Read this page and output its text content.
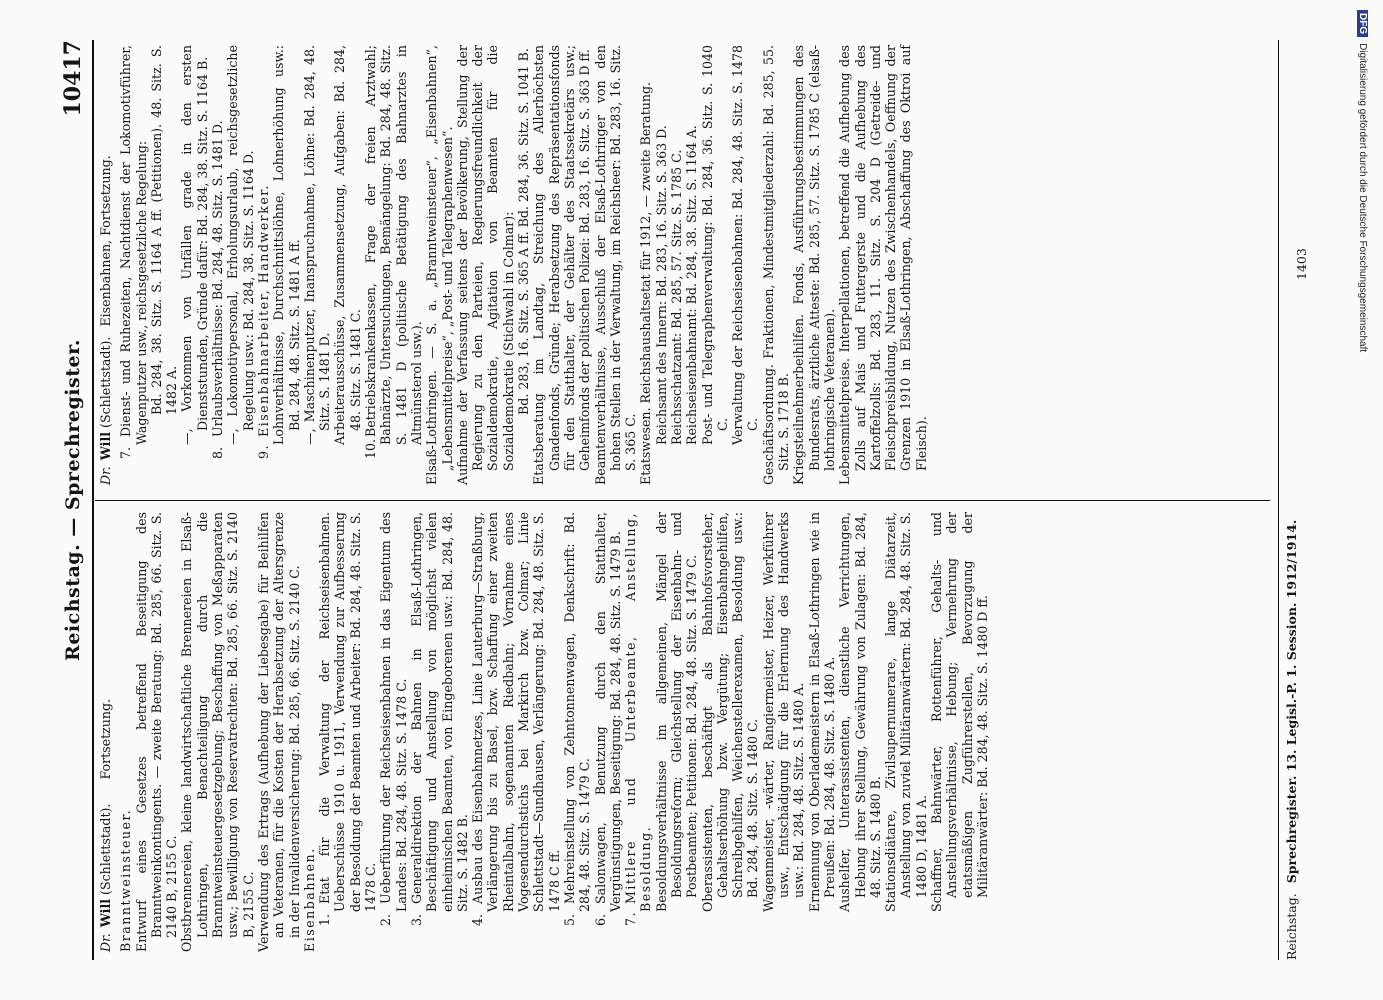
DFGDigitalisierung gefördert durch die Deutsche Forschungsgemeinschaft
Reichstag. — Sprechregister.
10417
Dr.Will (Schlettstadt). Fortsetzung.

Branntweinsteuer. Entwurf eines Gesetzes betreffend Beseitigung des Branntweinkontingents. — zweite Beratung: Bd. 285, 66. Sitz. S. 2140 B, 2155 C. Obstbrennereien, kleine landwirtschaftliche Brennereien in Elsaß-Lothringen, Benachteiligung durch die Branntweinsteuergesetzgebung; Beschaffung von Meßapparaten usw.; Bewilligung von Reservatrechten: Bd. 285, 66. Sitz. S. 2140 B, 2155 C. Verwendung des Ertrags (Aufhebung der Liebesgabe) für Beihilfen an Veteranen, für die Kosten der Herabsetzung der Altersgrenze in der Invalidenversicherung: Bd. 285, 66. Sitz. S. 2140 C. Eisenbahnen. 1.Etat für die Verwaltung der Reichseisenbahnen. Ueberschüsse 1910 u. 1911, Verwendung zur Aufbesserung der Besoldung der Beamten und Arbeiter: Bd. 284, 48. Sitz. S. 1478 C.

2.Ueberführung der Reichseisenbahnen in das Eigentum des Landes: Bd. 284, 48. Sitz. S. 1478 C.

3.Generaldirektion der Bahnen in Elsaß-Lothringen, Beschäftigung und Anstellung von möglichst vielen einheimischen Beamten, von Eingeborenen usw.: Bd. 284, 48. Sitz. S. 1482 B.

4.Ausbau des Eisenbahnnetzes, Linie Lauterburg—Straßburg, Verlängerung bis zu Basel, bzw. Schaffung einer zweiten Rheintalbahn, sogenannten Riedbahn; Vornahme eines Vogesendurchstichs bei Markirch bzw. Colmar; Linie Schlettstadt—Sundhausen, Verlängerung: Bd. 284, 48. Sitz. S. 1478 C ff.

5.Mehreinstellung von Zehntonnenwagen, Denkschrift: Bd. 284, 48. Sitz. S. 1479 C.

6.Salonwagen, Benutzung durch den Statthalter, Vergünstigungen, Beseitigung: Bd. 284, 48. Sitz. S. 1479 B.

7.Mittlere und Unterbeamte, Anstellung, Besoldung. Besoldungsverhältnisse im allgemeinen, Mängel der Besoldungsreform; Gleichstellung der Eisenbahn- und Postbeamten; Petitionen: Bd. 284, 48. Sitz. S. 1479 C. Oberassistenten, beschäftigt als Bahnhofsvorsteher, Gehaltserhöhung bzw. Vergütung; Eisenbahngehilfen, Schreibgehilfen, Weichenstellerexamen, Besoldung usw.: Bd. 284, 48. Sitz. S. 1480 C. Wagenmeister, -wärter, Rangiermeister, Heizer, Werkführer usw., Entschädigung für die Erlernung des Handwerks usw.: Bd. 284, 48. Sitz. S. 1480 A. Ernennung von Oberlademeistern in Elsaß-Lothringen wie in Preußen: Bd. 284, 48. Sitz. S. 1480 A. Aushelfer, Unterassistenten, dienstliche Verrichtungen, Hebung ihrer Stellung, Gewährung von Zulagen: Bd. 284, 48. Sitz. S. 1480 B. Stationsdiätare, Zivilsupernumerare, lange Diätarzeit, Anstellung von zuviel Militäranwärtern: Bd. 284, 48. Sitz. S. 1480 D, 1481 A. Schaffner, Bahnwärter, Rottenführer, Gehalts- und Anstellungsverhältnisse, Hebung; Vermehrung der etatsmäßigen Zugführerstellen, Bevorzugung der Militäranwärter: Bd. 284, 48. Sitz. S. 1480 D ff.

Dr.Will (Schlettstadt). Eisenbahnen, Fortsetzung.

7.Dienst- und Ruhezeiten, Nachtdienst der Lokomotivführer, Wagenputzer usw., reichsgesetzliche Regelung: Bd. 284, 38. Sitz. S. 1164 A ff. (Petitionen). 48. Sitz. S. 1482 A. —, Vorkommen von Unfällen grade in den ersten Dienststunden, Gründe dafür: Bd. 284, 38. Sitz. S. 1164 B.

8.Urlaubsverhältnisse: Bd. 284, 48. Sitz. S. 1481 D. —, Lokomotivpersonal, Erholungsurlaub, reichsgesetzliche Regelung usw.: Bd. 284, 38. Sitz. S. 1164 D.

9.Eisenbahnarbeiter, Handwerker. Lohnverhältnisse, Durchschnittslöhne, Lohnerhöhung usw.: Bd. 284, 48. Sitz. S. 1481 A ff. —, Maschinenputzer, Inanspruchnahme, Löhne: Bd. 284, 48. Sitz. S. 1481 D. Arbeiterausschüsse, Zusammensetzung, Aufgaben: Bd. 284, 48. Sitz. S. 1481 C.

10.Betriebskrankenkassen, Frage der freien Arztwahl; Bahnärzte, Untersuchungen, Bemängelung: Bd. 284, 48. Sitz. S. 1481 D (politische Betätigung des Bahnarztes in Altmünsterol usw.). Elsaß-Lothringen. — S. a. „Branntweinsteuer“, „Eisenbahnen“, „Lebensmittelpreise“, „Post- und Telegraphenwesen“. Aufnahme der Verfassung seitens der Bevölkerung, Stellung der Regierung zu den Parteien, Regierungsfreundlichkeit der Sozialdemokratie, Agitation von Beamten für die Sozialdemokratie (Stichwahl in Colmar): Bd. 283, 16. Sitz. S. 365 A ff. Bd. 284, 36. Sitz. S. 1041 B. Etatsberatung im Landtag, Streichung des Allerhöchsten Gnadenfonds, Gründe; Herabsetzung des Repräsentationsfonds für den Statthalter, der Gehälter des Staatssekretärs usw.; Geheimfonds der politischen Polizei: Bd. 283, 16. Sitz. S. 363 D ff. Beamtenverhältnisse, Ausschluß der Elsaß-Lothringer von den hohen Stellen in der Verwaltung, im Reichsheer: Bd. 283, 16. Sitz. S. 365 C. Etatswesen. Reichshaushaltsetat für 1912, — zweite Beratung. Reichsamt des Innern: Bd. 283, 16. Sitz. S. 363 D. Reichsschatzamt: Bd. 285, 57. Sitz. S. 1785 C. Reichseisenbahnamt: Bd. 284, 38. Sitz. S. 1164 A. Post- und Telegraphenverwaltung: Bd. 284, 36. Sitz. S. 1040 C. Verwaltung der Reichseisenbahnen: Bd. 284, 48. Sitz. S. 1478 C. Geschäftsordnung. Fraktionen, Mindestmitgliederzahl: Bd. 285, 55. Sitz. S. 1718 B. Kriegsteilnehmerbeihilfen. Fonds, Ausführungsbestimmungen des Bundesrats, ärztliche Atteste: Bd. 285, 57. Sitz. S. 1785 C (elsaß-lothringische Veteranen). Lebensmittelpreise. Interpellationen, betreffend die Aufhebung des Zolls auf Mais und Futtergerste und die Aufhebung des Kartoffelzolls: Bd. 283, 11. Sitz. S. 204 D (Getreide- und Fleischpreisbildung, Nutzen des Zwischenhandels, Oeffnung der Grenzen 1910 in Elsaß-Lothringen, Abschaffung des Oktroi auf Fleisch).

Reichstag. Sprechregister. 13. Legisl.-P. 1. Session. 1912/1914.
1403
